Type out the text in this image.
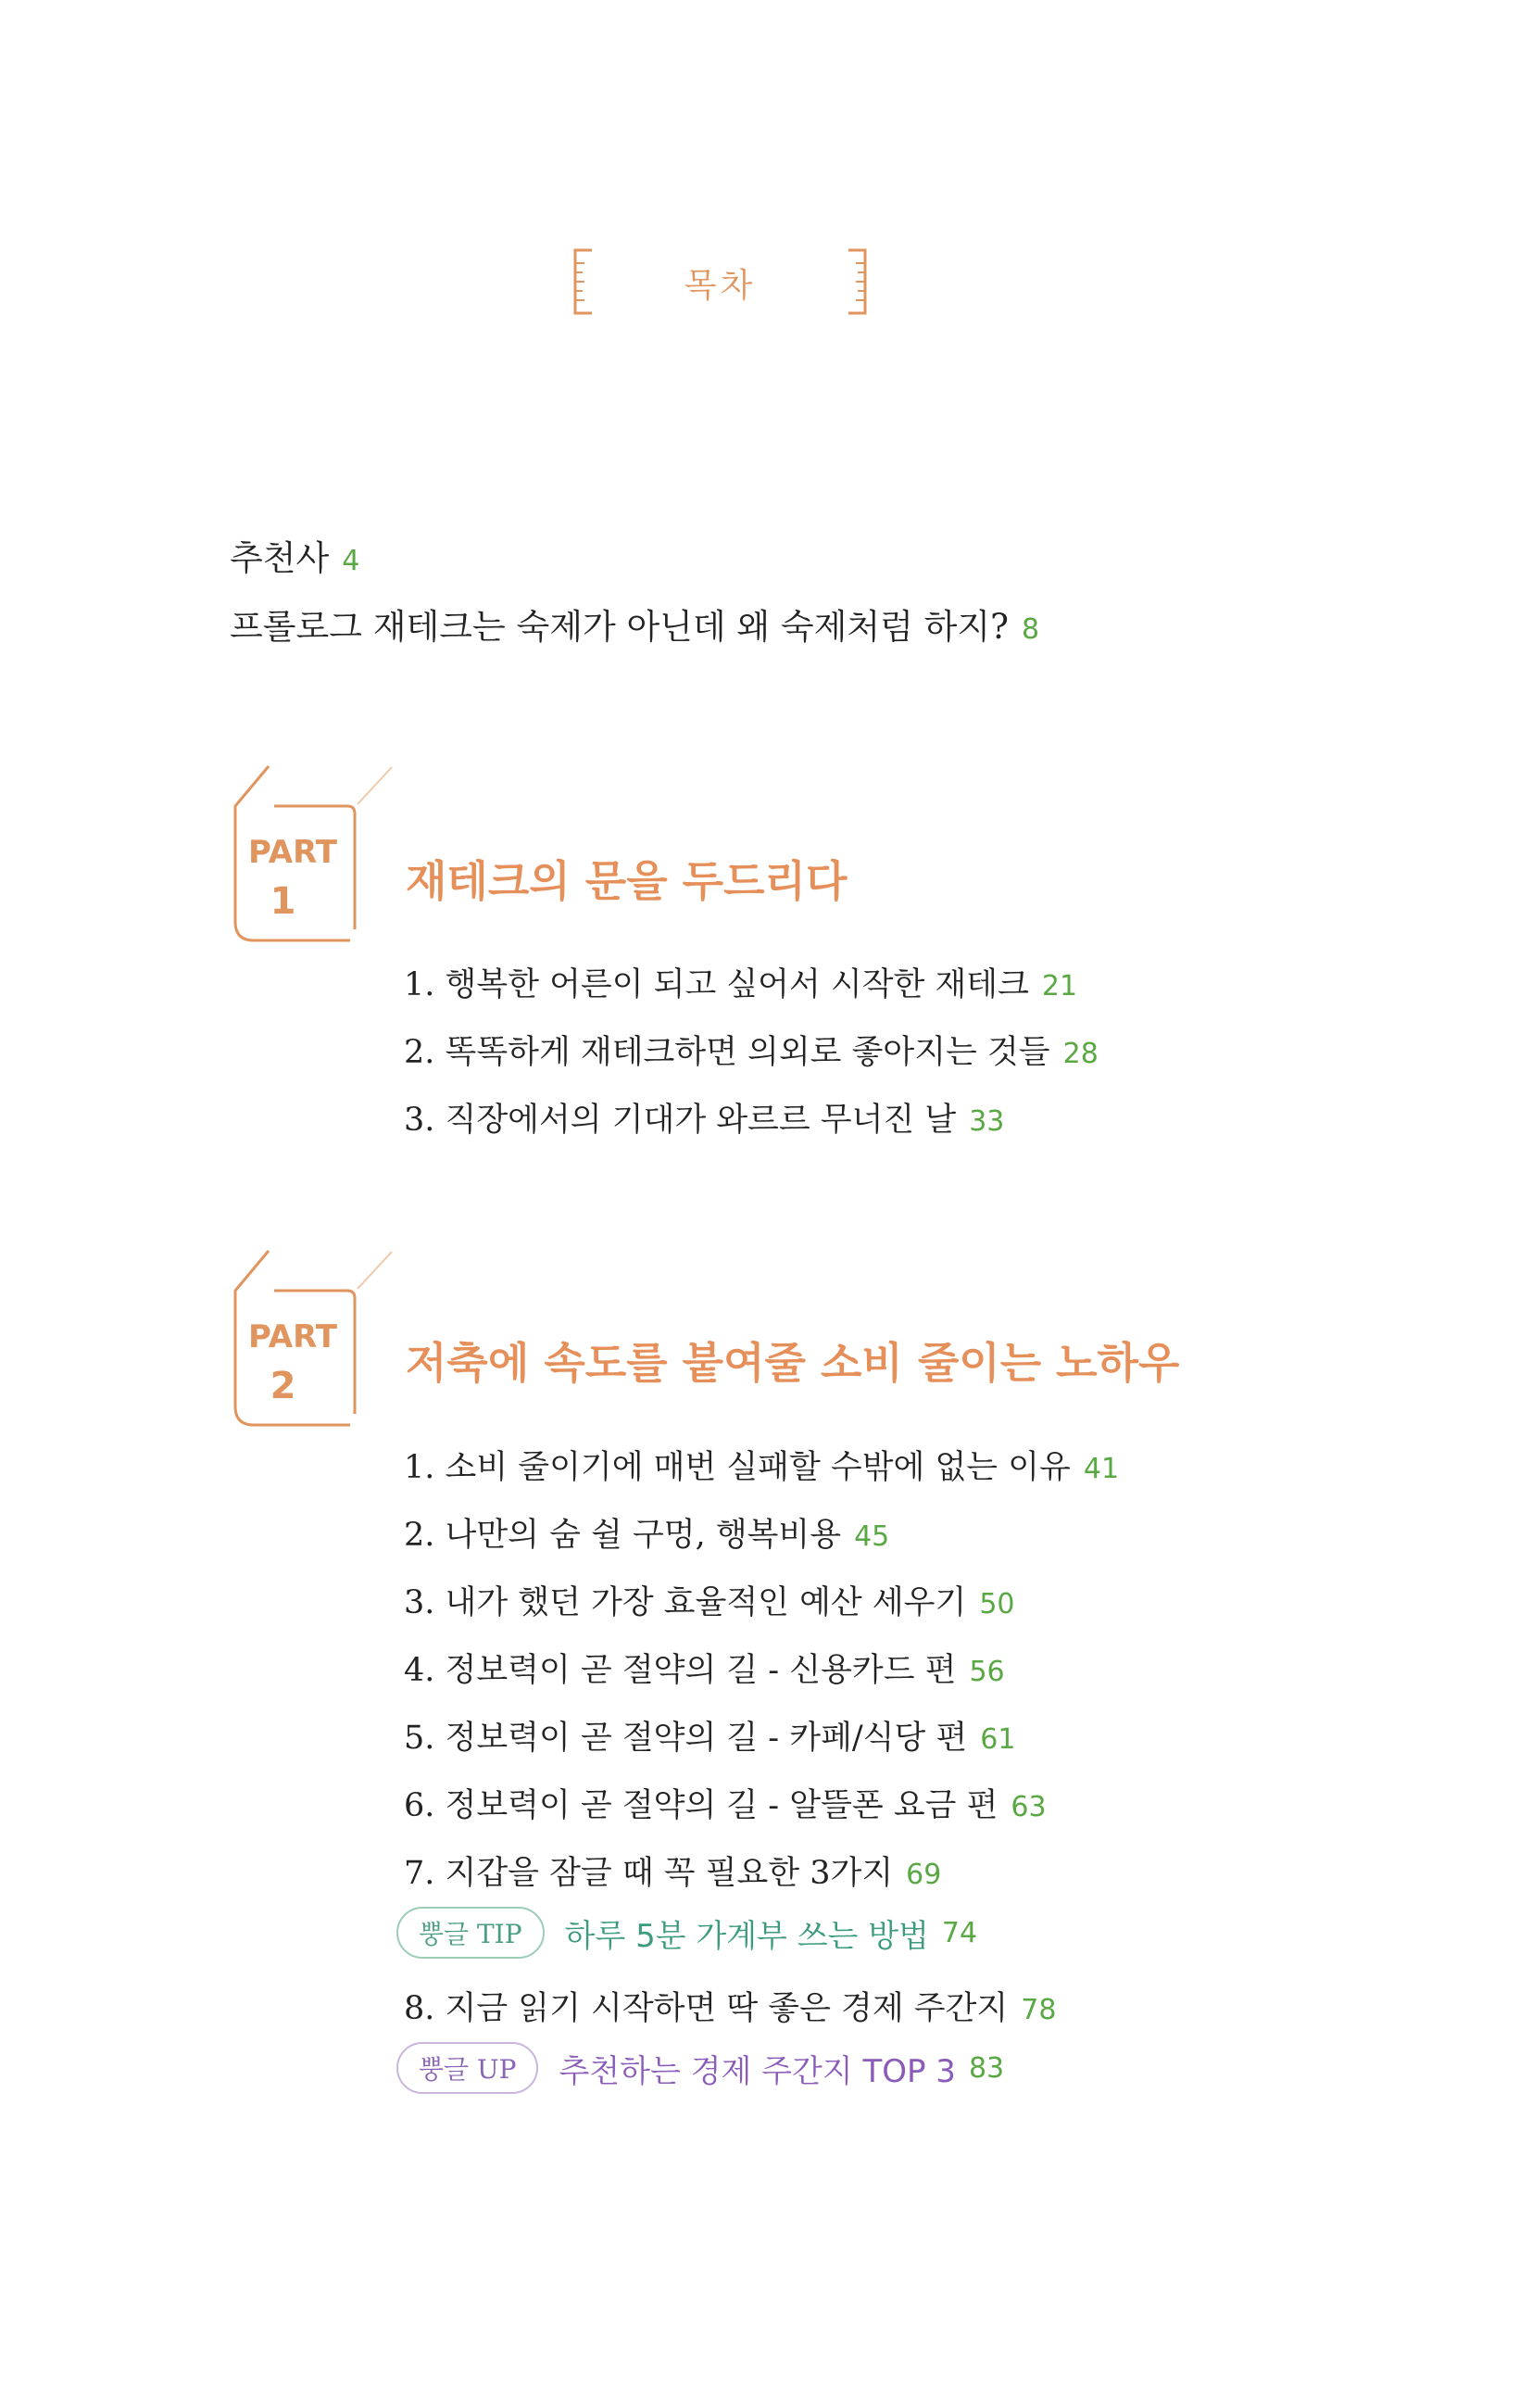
목차
추천사 4
프롤로그 재테크는 숙제가 아닌데 왜 숙제처럼 하지? 8
PART
1	재테크의 문을 두드리다
1. 행복한 어른이 되고 싶어서 시작한 재테크 21
2. 똑똑하게 재테크하면 의외로 좋아지는 것들 28
3. 직장에서의 기대가 와르르 무너진 날 33
PART
2	저축에 속도를 붙여줄 소비 줄이는 노하우
1. 소비 줄이기에 매번 실패할 수밖에 없는 이유 41
2. 나만의 숨 쉴 구멍, 행복비용 45
3. 내가 했던 가장 효율적인 예산 세우기 50
4. 정보력이 곧 절약의 길 - 신용카드 편 56
5. 정보력이 곧 절약의 길 - 카페/식당 편 61
6. 정보력이 곧 절약의 길 - 알뜰폰 요금 편 63
7. 지갑을 잠글 때 꼭 필요한 3가지 69
뿡글 TIP 하루 5분 가계부 쓰는 방법 74
8. 지금 읽기 시작하면 딱 좋은 경제 주간지 78
뿡글 UP 추천하는 경제 주간지 TOP 3 83
